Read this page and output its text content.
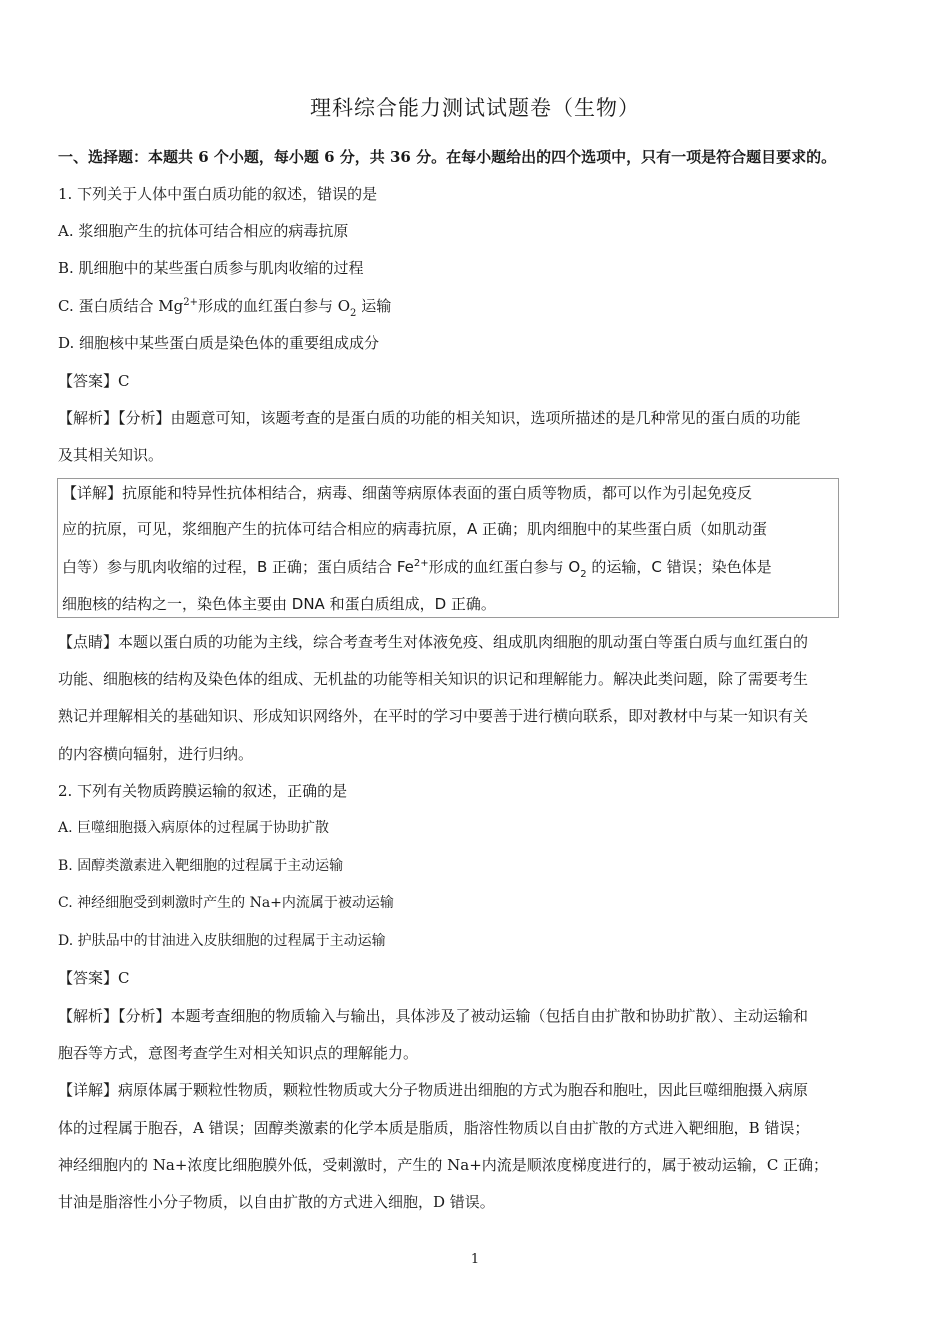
理科综合能力测试试题卷（生物）
一、选择题：本题共 6 个小题，每小题 6 分，共 36 分。在每小题给出的四个选项中，只有一项是符合题目要求的。
1. 下列关于人体中蛋白质功能的叙述，错误的是
A. 浆细胞产生的抗体可结合相应的病毒抗原
B. 肌细胞中的某些蛋白质参与肌肉收缩的过程
C. 蛋白质结合 $Mg^{2+}$形成的血红蛋白参与 $O_2$ 运输
D. 细胞核中某些蛋白质是染色体的重要组成成分
【答案】C
【解析】【分析】由题意可知，该题考查的是蛋白质的功能的相关知识，选项所描述的是几种常见的蛋白质的功能
及其相关知识。
【详解】抗原能和特异性抗体相结合，病毒、细菌等病原体表面的蛋白质等物质，都可以作为引起免疫反
应的抗原，可见，浆细胞产生的抗体可结合相应的病毒抗原，A 正确；肌肉细胞中的某些蛋白质（如肌动蛋
白等）参与肌肉收缩的过程，B 正确；蛋白质结合 $Fe^{2+}$形成的血红蛋白参与 $O_2$ 的运输，C 错误；染色体是
细胞核的结构之一，染色体主要由 DNA 和蛋白质组成，D 正确。
【点睛】本题以蛋白质的功能为主线，综合考查考生对体液免疫、组成肌肉细胞的肌动蛋白等蛋白质与血红蛋白的
功能、细胞核的结构及染色体的组成、无机盐的功能等相关知识的识记和理解能力。解决此类问题，除了需要考生
熟记并理解相关的基础知识、形成知识网络外，在平时的学习中要善于进行横向联系，即对教材中与某一知识有关
的内容横向辐射，进行归纳。
2. 下列有关物质跨膜运输的叙述，正确的是
A. 巨噬细胞摄入病原体的过程属于协助扩散
B. 固醇类激素进入靶细胞的过程属于主动运输
C. 神经细胞受到刺激时产生的 Na+内流属于被动运输
D. 护肤品中的甘油进入皮肤细胞的过程属于主动运输
【答案】C
【解析】【分析】本题考查细胞的物质输入与输出，具体涉及了被动运输（包括自由扩散和协助扩散）、主动运输和
胞吞等方式，意图考查学生对相关知识点的理解能力。
【详解】病原体属于颗粒性物质，颗粒性物质或大分子物质进出细胞的方式为胞吞和胞吐，因此巨噬细胞摄入病原
体的过程属于胞吞，A 错误；固醇类激素的化学本质是脂质，脂溶性物质以自由扩散的方式进入靶细胞，B 错误；
神经细胞内的 Na+浓度比细胞膜外低，受刺激时，产生的 Na+内流是顺浓度梯度进行的，属于被动运输，C 正确；
甘油是脂溶性小分子物质，以自由扩散的方式进入细胞，D 错误。
1
